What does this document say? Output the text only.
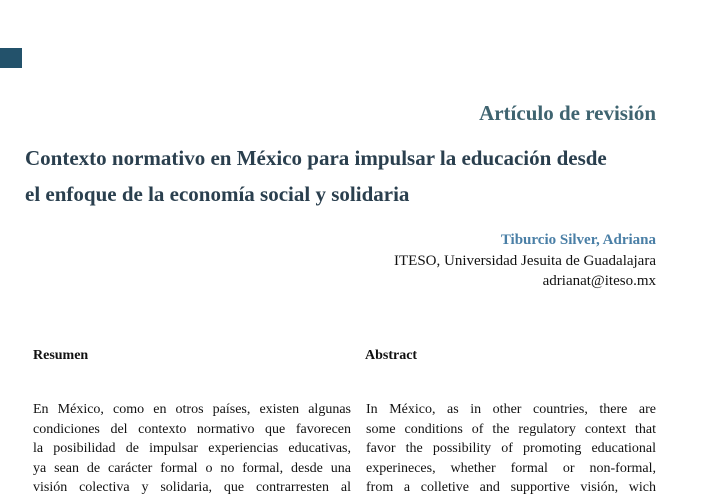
Artículo de revisión
Contexto normativo en México para impulsar la educación desde
el enfoque de la economía social y solidaria
Tiburcio Silver, Adriana
ITESO, Universidad Jesuita de Guadalajara
adrianat@iteso.mx
Resumen	Abstract
En México, como en otros países, existen algunas
condiciones del contexto normativo que favorecen
la posibilidad de impulsar experiencias educativas,
ya sean de carácter formal o no formal, desde una
visión colectiva y solidaria, que contrarresten al
In México, as in other countries, there are
some conditions of the regulatory context that
favor the possibility of promoting educational
experineces, whether formal or non-formal,
from a colletive and supportive visión, wich
